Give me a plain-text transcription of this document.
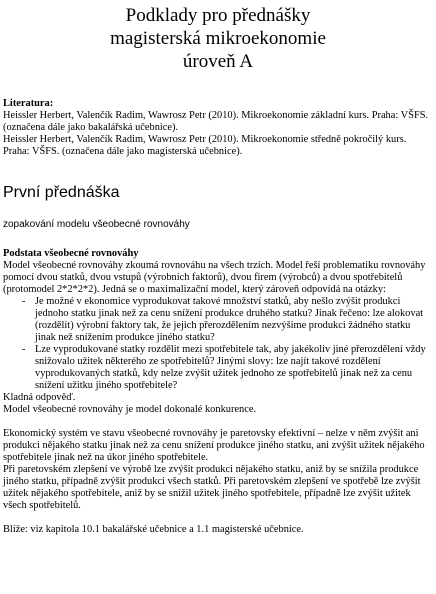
Podklady pro přednášky
magisterská mikroekonomie
úroveň A

Literatura:

Heissler Herbert, Valenčík Radim, Wawrosz Petr (2010). Mikroekonomie základní kurs. Praha: VŠFS. (označena dále jako bakalářská učebnice).

Heissler Herbert, Valenčík Radim, Wawrosz Petr (2010). Mikroekonomie středně pokročilý kurs. Praha: VŠFS. (označena dále jako magisterská učebnice).

První přednáška
zopakování modelu všeobecné rovnováhy

Podstata všeobecné rovnováhy

Model všeobecné rovnováhy zkoumá rovnováhu na všech trzích. Model řeší problematiku rovnováhy pomocí dvou statků, dvou vstupů (výrobních faktorů), dvou firem (výrobců) a dvou spotřebitelů (protomodel 2*2*2*2). Jedná se o maximalizační model, který zároveň odpovídá na otázky:

- Je možné v ekonomice vyprodukovat takové množství statků, aby nešlo zvýšit produkci jednoho statku jinak než za cenu snížení produkce druhého statku? Jinak řečeno: lze alokovat (rozdělit) výrobní faktory tak, že jejich přerozdělením nezvýšíme produkci žádného statku jinak než snížením produkce jiného statku?
- Lze vyprodukované statky rozdělit mezi spotřebitele tak, aby jakékoliv jiné přerozdělení vždy snižovalo užitek některého ze spotřebitelů? Jinými slovy: lze najít takové rozdělení vyprodukovaných statků, kdy nelze zvýšit užitek jednoho ze spotřebitelů jinak než za cenu snížení užitku jiného spotřebitele?

Kladná odpověď.

Model všeobecné rovnováhy je model dokonalé konkurence.

Ekonomický systém ve stavu všeobecné rovnováhy je paretovsky efektivní – nelze v něm zvýšit ani produkci nějakého statku jinak než za cenu snížení produkce jiného statku, ani zvýšit užitek nějakého spotřebitele jinak než na úkor jiného spotřebitele.

Při paretovském zlepšení ve výrobě lze zvýšit produkci nějakého statku, aniž by se snížila produkce jiného statku, případně zvýšit produkci všech statků. Při paretovském zlepšení ve spotřebě lze zvýšit užitek nějakého spotřebitele, aniž by se snížil užitek jiného spotřebitele, případně lze zvýšit užitek všech spotřebitelů.

Blíže: viz kapitola 10.1 bakalářské učebnice a 1.1 magisterské učebnice.
